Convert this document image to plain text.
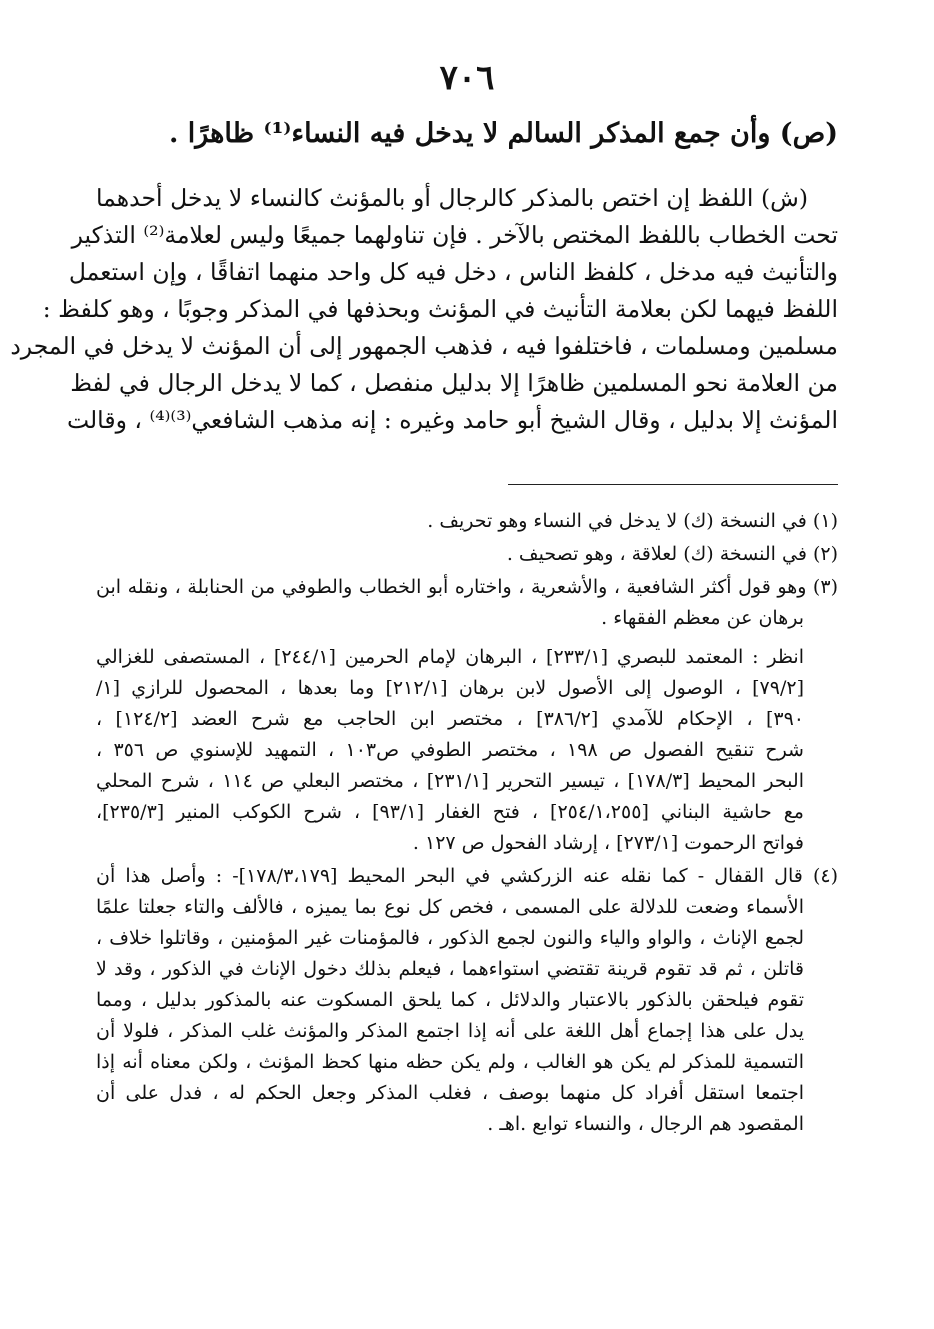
٧٠٦
(ص) وأن جمع المذكر السالم لا يدخل فيه النساء⁽¹⁾ ظاهرًا .
(ش) اللفظ إن اختص بالمذكر كالرجال أو بالمؤنث كالنساء لا يدخل أحدهما
تحت الخطاب باللفظ المختص بالآخر . فإن تناولهما جميعًا وليس لعلامة⁽²⁾ التذكير
والتأنيث فيه مدخل ، كلفظ الناس ، دخل فيه كل واحد منهما اتفاقًا ، وإن استعمل
اللفظ فيهما لكن بعلامة التأنيث في المؤنث وبحذفها في المذكر وجوبًا ، وهو كلفظ :
مسلمين ومسلمات ، فاختلفوا فيه ، فذهب الجمهور إلى أن المؤنث لا يدخل في المجرد
من العلامة نحو المسلمين ظاهرًا إلا بدليل منفصل ، كما لا يدخل الرجال في لفظ
المؤنث إلا بدليل ، وقال الشيخ أبو حامد وغيره : إنه مذهب الشافعي⁽³⁾⁽⁴⁾ ، وقالت
(١) في النسخة (ك) لا يدخل في النساء وهو تحريف .
(٢) في النسخة (ك) لعلاقة ، وهو تصحيف .
(٣) وهو قول أكثر الشافعية ، والأشعرية ، واختاره أبو الخطاب والطوفي من الحنابلة ، ونقله ابن
برهان عن معظم الفقهاء .
انظر : المعتمد للبصري [٢٣٣/١] ، البرهان لإمام الحرمين [٢٤٤/١] ، المستصفى للغزالي
[٧٩/٢] ، الوصول إلى الأصول لابن برهان [٢١٢/١] وما بعدها ، المحصول للرازي [١/
٣٩٠] ، الإحكام للآمدي [٣٨٦/٢] ، مختصر ابن الحاجب مع شرح العضد [١٢٤/٢] ،
شرح تنقيح الفصول ص ١٩٨ ، مختصر الطوفي ص١٠٣ ، التمهيد للإسنوي ص ٣٥٦ ،
البحر المحيط [١٧٨/٣] ، تيسير التحرير [٢٣١/١] ، مختصر البعلي ص ١١٤ ، شرح المحلي
مع حاشية البناني [٢٥٤/١،٢٥٥] ، فتح الغفار [٩٣/١] ، شرح الكوكب المنير [٢٣٥/٣]،
فواتح الرحموت [٢٧٣/١] ، إرشاد الفحول ص ١٢٧ .
(٤) قال القفال - كما نقله عنه الزركشي في البحر المحيط [١٧٨/٣،١٧٩]- : وأصل هذا أن
الأسماء وضعت للدلالة على المسمى ، فخص كل نوع بما يميزه ، فالألف والتاء جعلتا علمًا
لجمع الإناث ، والواو والياء والنون لجمع الذكور ، فالمؤمنات غير المؤمنين ، وقاتلوا خلاف ،
قاتلن ، ثم قد تقوم قرينة تقتضي استواءهما ، فيعلم بذلك دخول الإناث في الذكور ، وقد لا
تقوم فيلحقن بالذكور بالاعتبار والدلائل ، كما يلحق المسكوت عنه بالمذكور بدليل ، ومما
يدل على هذا إجماع أهل اللغة على أنه إذا اجتمع المذكر والمؤنث غلب المذكر ، فلولا أن
التسمية للمذكر لم يكن هو الغالب ، ولم يكن حظه منها كحظ المؤنث ، ولكن معناه أنه إذا
اجتمعا استقل أفراد كل منهما بوصف ، فغلب المذكر وجعل الحكم له ، فدل على أن
المقصود هم الرجال ، والنساء توابع .اهـ .
